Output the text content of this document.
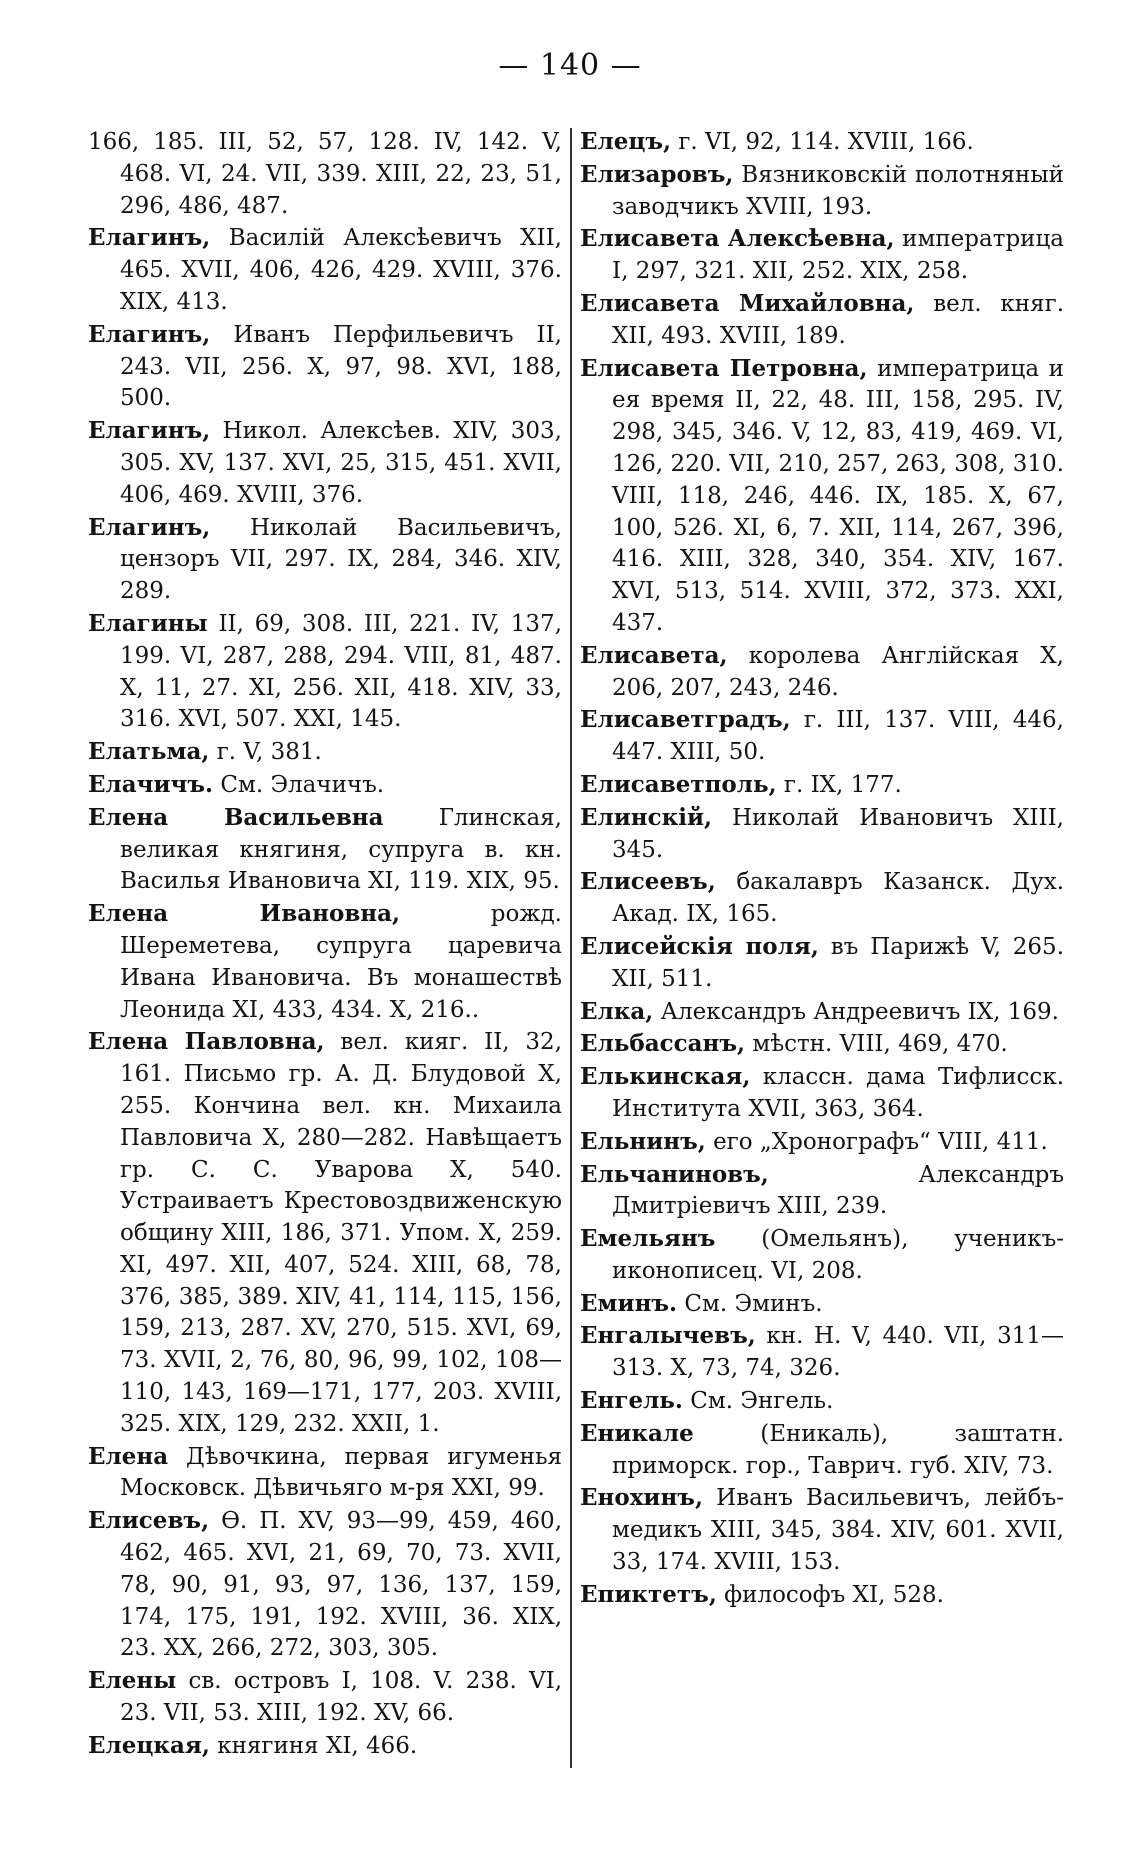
— 140 —
166, 185. III, 52, 57, 128. IV, 142. V, 468. VI, 24. VII, 339. XIII, 22, 23, 51, 296, 486, 487.
Елагинъ, Василій Алексѣевичъ XII, 465. XVII, 406, 426, 429. XVIII, 376. XIX, 413.
Елагинъ, Иванъ Перфильевичъ II, 243. VII, 256. X, 97, 98. XVI, 188, 500.
Елагинъ, Никол. Алексѣев. XIV, 303, 305. XV, 137. XVI, 25, 315, 451. XVII, 406, 469. XVIII, 376.
Елагинъ, Николай Васильевичъ, цензоръ VII, 297. IX, 284, 346. XIV, 289.
Елагины II, 69, 308. III, 221. IV, 137, 199. VI, 287, 288, 294. VIII, 81, 487. X, 11, 27. XI, 256. XII, 418. XIV, 33, 316. XVI, 507. XXI, 145.
Елатьма, г. V, 381.
Елачичъ. См. Элачичъ.
Елена Васильевна Глинская, великая княгиня, супруга в. кн. Василья Ивановича XI, 119. XIX, 95.
Елена Ивановна,	рожд. Шереметева, супруга царевича Ивана Ивановича. Въ монашествѣ Леонида XI, 433, 434. X, 216..
Елена Павловна, вел. кияг. II, 32, 161. Письмо гр. А. Д. Блудовой X, 255. Кончина вел. кн. Михаила Павловича X, 280—282. Навѣщаетъ гр. С. С. Уварова X, 540. Устраиваетъ Крестовоздвиженскую общину XIII, 186, 371. Упом. X, 259. XI, 497. XII, 407, 524. XIII, 68, 78, 376, 385, 389. XIV, 41, 114, 115, 156, 159, 213, 287. XV, 270, 515. XVI, 69, 73. XVII, 2, 76, 80, 96, 99, 102, 108—110, 143, 169—171, 177, 203. XVIII, 325. XIX, 129, 232. XXII, 1.
Елена Дѣвочкина, первая игуменья Московск. Дѣвичьяго м-ря XXI, 99.
Елисевъ, Ѳ. П. XV, 93—99, 459, 460, 462, 465. XVI, 21, 69, 70, 73. XVII, 78, 90, 91, 93, 97, 136, 137, 159, 174, 175, 191, 192. XVIII, 36. XIX, 23. XX, 266, 272, 303, 305.
Елены св. островъ I, 108. V. 238. VI, 23. VII, 53. XIII, 192. XV, 66.
Елецкая, княгиня XI, 466.
Елецъ, г. VI, 92, 114. XVIII, 166.
Елизаровъ, Вязниковскій полотняный заводчикъ XVIII, 193.
Елисавета Алексѣевна, императрица I, 297, 321. XII, 252. XIX, 258.
Елисавета Михайловна, вел. княг. XII, 493. XVIII, 189.
Елисавета Петровна, императрица и ея время II, 22, 48. III, 158, 295. IV, 298, 345, 346. V, 12, 83, 419, 469. VI, 126, 220. VII, 210, 257, 263, 308, 310. VIII, 118, 246, 446. IX, 185. X, 67, 100, 526. XI, 6, 7. XII, 114, 267, 396, 416. XIII, 328, 340, 354. XIV, 167. XVI, 513, 514. XVIII, 372, 373. XXI, 437.
Елисавета, королева Англійская X, 206, 207, 243, 246.
Елисаветградъ, г. III, 137. VIII, 446, 447. XIII, 50.
Елисаветполь, г. IX, 177.
Елинскій, Николай Ивановичъ XIII, 345.
Елисеевъ, бакалавръ Казанск. Дух. Акад. IX, 165.
Елисейскія поля, въ Парижѣ V, 265. XII, 511.
Елка, Александръ Андреевичъ IX, 169.
Ельбассанъ, мѣстн. VIII, 469, 470.
Елькинская, классн. дама Тифлисск. Института XVII, 363, 364.
Ельнинъ, его „Хронографъ“ VIII, 411.
Ельчаниновъ,	Александръ Дмитріевичъ XIII, 239.
Емельянъ (Омельянъ), ученикъ-иконописец. VI, 208.
Еминъ. См. Эминъ.
Енгалычевъ, кн. Н. V, 440. VII, 311—313. X, 73, 74, 326.
Енгель. См. Энгель.
Еникале	(Еникаль), заштатн. приморск. гор., Таврич. губ. XIV, 73.
Енохинъ, Иванъ Васильевичъ, лейбъ-медикъ XIII, 345, 384. XIV, 601. XVII, 33, 174. XVIII, 153.
Епиктетъ, философъ XI, 528.
